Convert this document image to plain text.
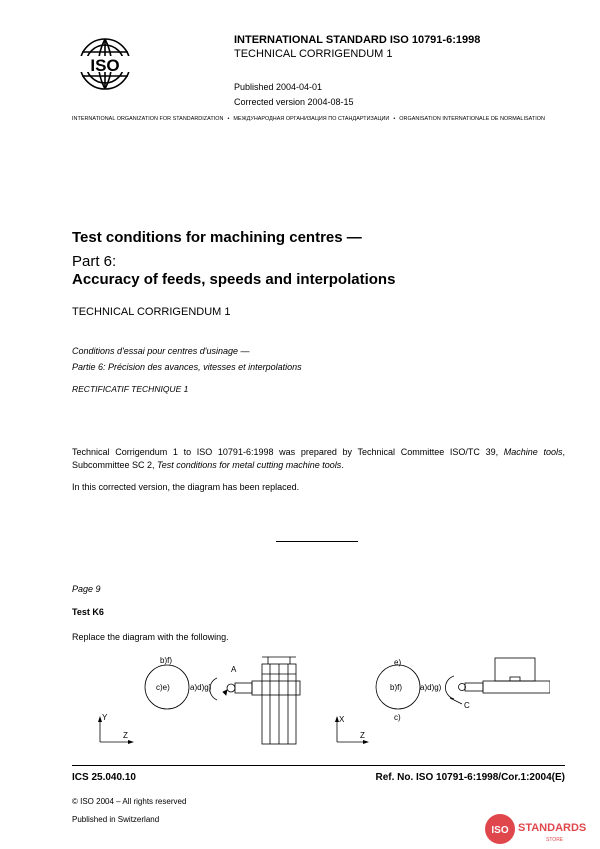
ISO
INTERNATIONAL STANDARD ISO 10791-6:1998
TECHNICAL CORRIGENDUM 1
Published 2004-04-01
Corrected version 2004-08-15
INTERNATIONAL ORGANIZATION FOR STANDARDIZATION • МЕЖДУНАРОДНАЯ ОРГАНИЗАЦИЯ ПО СТАНДАРТИЗАЦИИ • ORGANISATION INTERNATIONALE DE NORMALISATION
Test conditions for machining centres —
Part 6:
Accuracy of feeds, speeds and interpolations
TECHNICAL CORRIGENDUM 1
Conditions d'essai pour centres d'usinage —
Partie 6: Précision des avances, vitesses et interpolations
RECTIFICATIF TECHNIQUE 1
Technical Corrigendum 1 to ISO 10791-6:1998 was prepared by Technical Committee ISO/TC 39, Machine tools, Subcommittee SC 2, Test conditions for metal cutting machine tools.
In this corrected version, the diagram has been replaced.
Page 9
Test K6
Replace the diagram with the following.
b)f)
c)e)	a)d)g)
A
Y
Z
e)
b)f) a)d)g)
c)
C
X
Z
ICS 25.040.10	Ref. No. ISO 10791-6:1998/Cor.1:2004(E)
© ISO 2004 – All rights reserved
Published in Switzerland
ISO STANDARDS
STORE
